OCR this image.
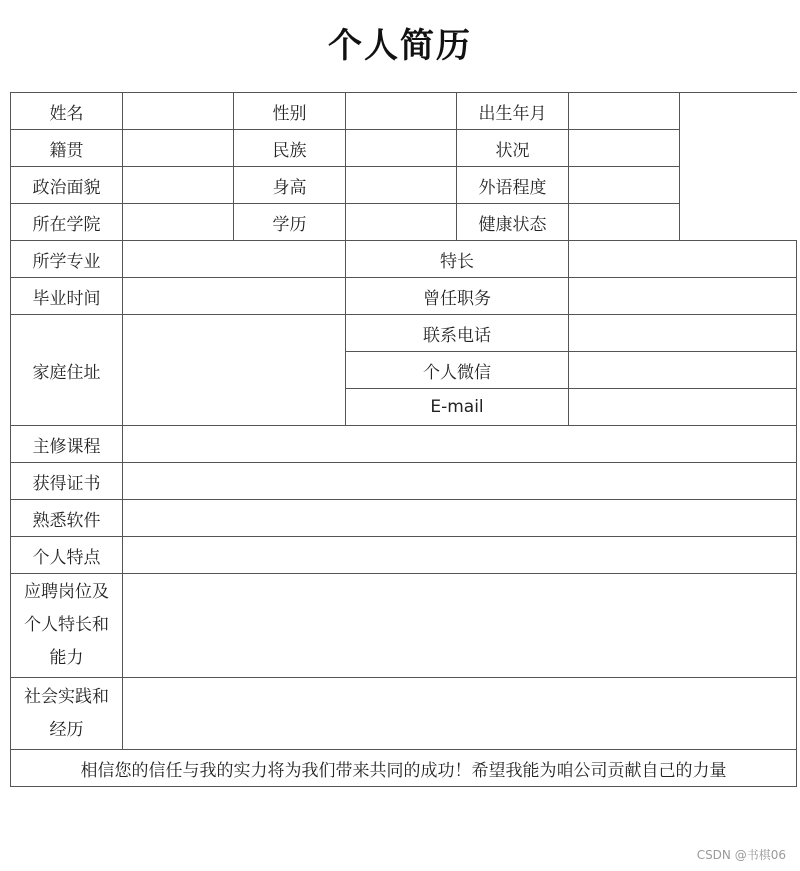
个人简历
姓名		性别		出生年月		
籍贯		民族		状况		
政治面貌		身高		外语程度		
所在学院		学历		健康状态		
所学专业			特长			
毕业时间			曾任职务			
家庭住址			联系电话			
			个人微信			
			E-mail			
主修课程						
获得证书						
熟悉软件						
个人特点						
应聘岗位及个人特长和能力						
社会实践和经历						
相信您的信任与我的实力将为我们带来共同的成功！希望我能为咱公司贡献自己的力量						
CSDN @书棋06
